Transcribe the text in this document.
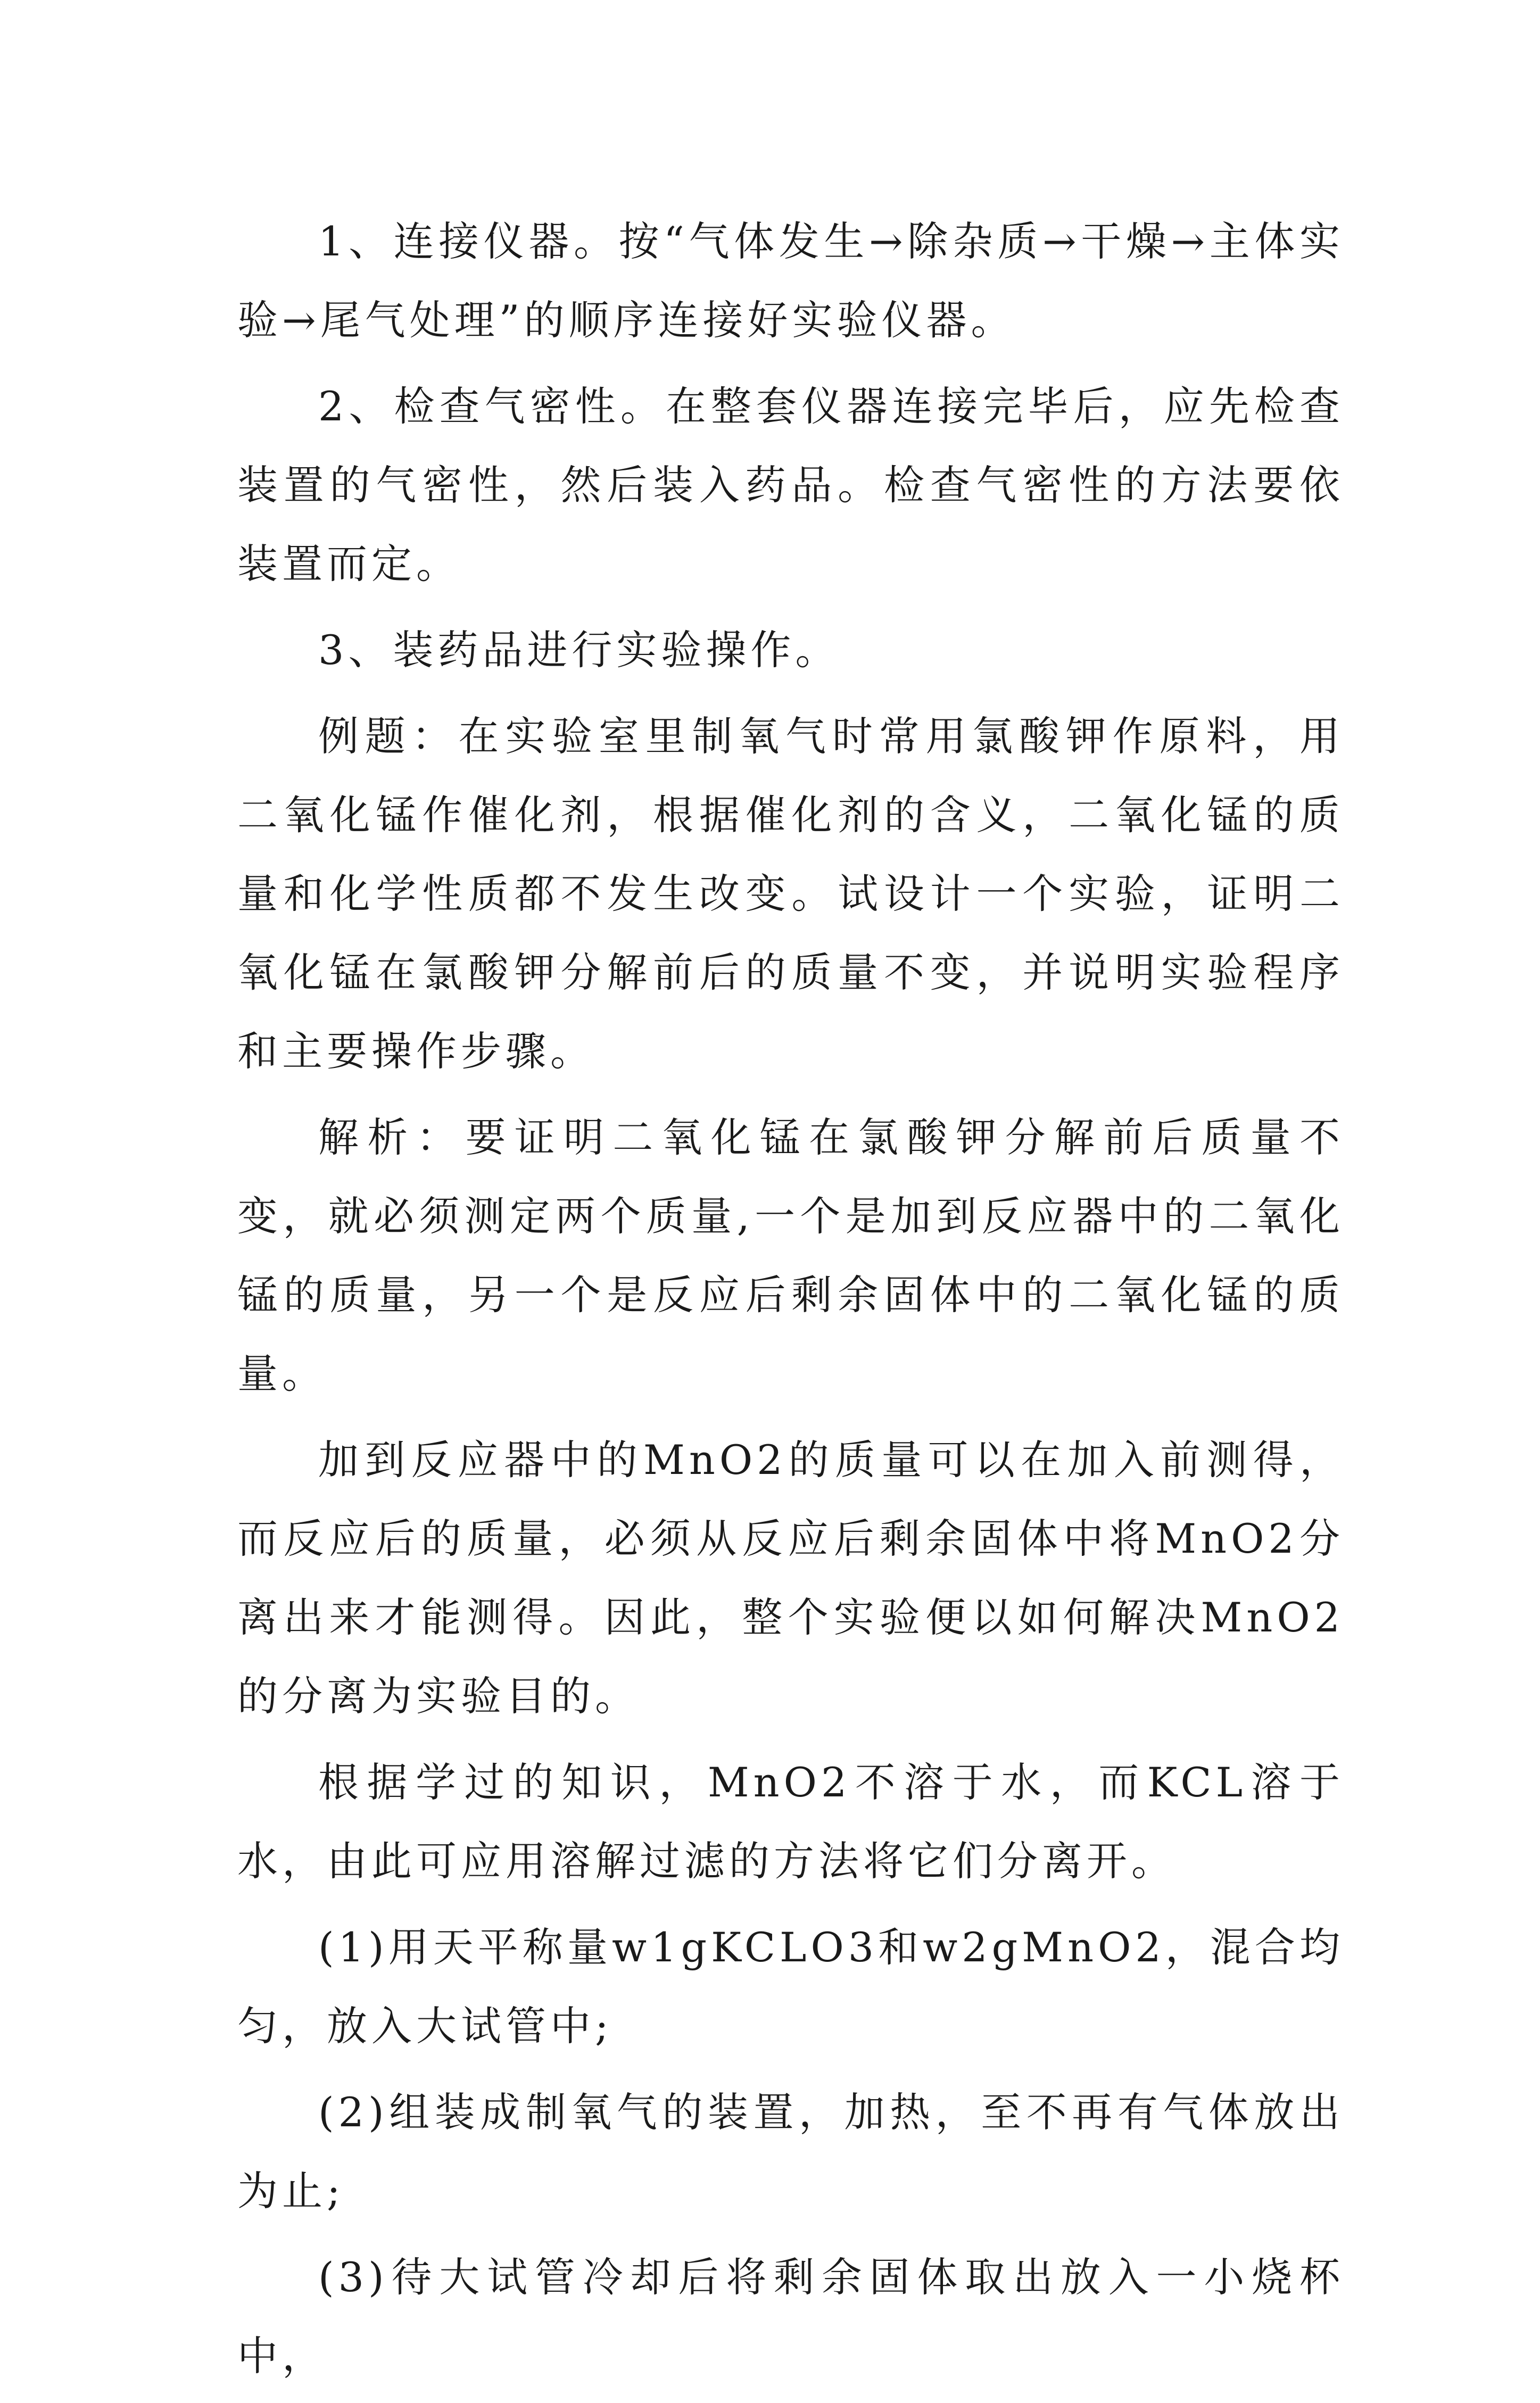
1、连接仪器。按“气体发生→除杂质→干燥→主体实验→尾气处理”的顺序连接好实验仪器。

2、检查气密性。在整套仪器连接完毕后，应先检查装置的气密性，然后装入药品。检查气密性的方法要依装置而定。

3、装药品进行实验操作。

例题：在实验室里制氧气时常用氯酸钾作原料，用二氧化锰作催化剂，根据催化剂的含义，二氧化锰的质量和化学性质都不发生改变。试设计一个实验，证明二氧化锰在氯酸钾分解前后的质量不变，并说明实验程序和主要操作步骤。

解析：要证明二氧化锰在氯酸钾分解前后质量不变，就必须测定两个质量,一个是加到反应器中的二氧化锰的质量，另一个是反应后剩余固体中的二氧化锰的质量。

加到反应器中的MnO2的质量可以在加入前测得，而反应后的质量，必须从反应后剩余固体中将MnO2分离出来才能测得。因此，整个实验便以如何解决MnO2的分离为实验目的。

根据学过的知识，MnO2不溶于水，而KCL溶于水，由此可应用溶解过滤的方法将它们分离开。

(1)用天平称量w1gKCLO3和w2gMnO2，混合均匀，放入大试管中;

(2)组装成制氧气的装置，加热，至不再有气体放出为止;

(3)待大试管冷却后将剩余固体取出放入一小烧杯中，
